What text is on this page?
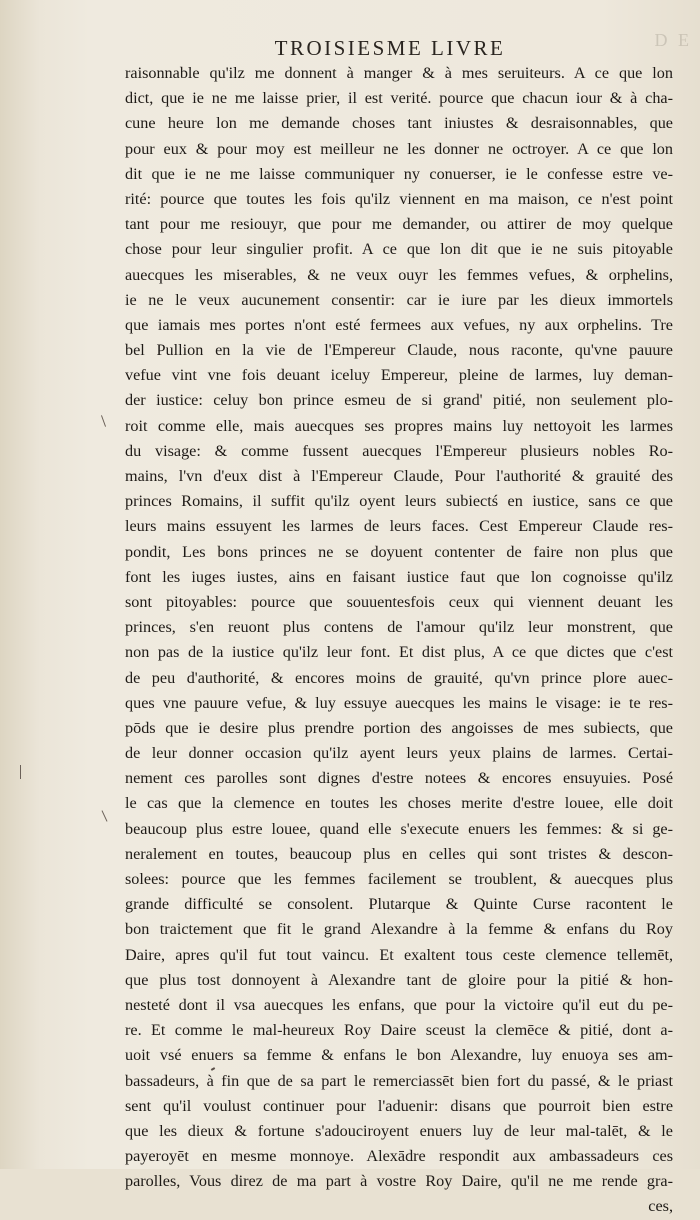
D E
TROISIESME LIVRE
raisonnable qu'ilz me donnent à manger & à mes seruiteurs. A ce que lon
dict, que ie ne me laisse prier, il est verité. pource que chacun iour & à cha-
cune heure lon me demande choses tant iniustes & desraisonnables, que
pour eux & pour moy est meilleur ne les donner ne octroyer. A ce que lon
dit que ie ne me laisse communiquer ny conuerser, ie le confesse estre ve-
rité: pource que toutes les fois qu'ilz viennent en ma maison, ce n'est point
tant pour me resiouyr, que pour me demander, ou attirer de moy quelque
chose pour leur singulier profit. A ce que lon dit que ie ne suis pitoyable
auecques les miserables, & ne veux ouyr les femmes vefues, & orphelins,
ie ne le veux aucunement consentir: car ie iure par les dieux immortels
que iamais mes portes n'ont esté fermees aux vefues, ny aux orphelins. Tre
bel Pullion en la vie de l'Empereur Claude, nous raconte, qu'vne pauure
vefue vint vne fois deuant iceluy Empereur, pleine de larmes, luy deman-
der iustice: celuy bon prince esmeu de si grand' pitié, non seulement plo-
roit comme elle, mais auecques ses propres mains luy nettoyoit les larmes
du visage: & comme fussent auecques l'Empereur plusieurs nobles Ro-
mains, l'vn d'eux dist à l'Empereur Claude, Pour l'authorité & grauité des
princes Romains, il suffit qu'ilz oyent leurs subiectś en iustice, sans ce que
leurs mains essuyent les larmes de leurs faces. Cest Empereur Claude res-
pondit, Les bons princes ne se doyuent contenter de faire non plus que
font les iuges iustes, ains en faisant iustice faut que lon cognoisse qu'ilz
sont pitoyables: pource que souuentesfois ceux qui viennent deuant les
princes, s'en reuont plus contens de l'amour qu'ilz leur monstrent, que
non pas de la iustice qu'ilz leur font. Et dist plus, A ce que dictes que c'est
de peu d'authorité, & encores moins de grauité, qu'vn prince plore auec-
ques vne pauure vefue, & luy essuye auecques les mains le visage: ie te res-
pōds que ie desire plus prendre portion des angoisses de mes subiects, que
de leur donner occasion qu'ilz ayent leurs yeux plains de larmes. Certai-
nement ces parolles sont dignes d'estre notees & encores ensuyuies. Posé
le cas que la clemence en toutes les choses merite d'estre louee, elle doit
beaucoup plus estre louee, quand elle s'execute enuers les femmes: & si ge-
neralement en toutes, beaucoup plus en celles qui sont tristes & descon-
solees: pource que les femmes facilement se troublent, & auecques plus
grande difficulté se consolent. Plutarque & Quinte Curse racontent le
bon traictement que fit le grand Alexandre à la femme & enfans du Roy
Daire, apres qu'il fut tout vaincu. Et exaltent tous ceste clemence tellemēt,
que plus tost donnoyent à Alexandre tant de gloire pour la pitié & hon-
nesteté dont il vsa auecques les enfans, que pour la victoire qu'il eut du pe-
re. Et comme le mal-heureux Roy Daire sceust la clemēce & pitié, dont a-
uoit vsé enuers sa femme & enfans le bon Alexandre, luy enuoya ses am-
bassadeurs, à fin que de sa part le remerciassēt bien fort du passé, & le priast
sent qu'il voulust continuer pour l'aduenir: disans que pourroit bien estre
que les dieux & fortune s'adouciroyent enuers luy de leur mal-talēt, & le
payeroyēt en mesme monnoye. Alexādre respondit aux ambassadeurs ces
parolles, Vous direz de ma part à vostre Roy Daire, qu'il ne me rende gra-
ces,
